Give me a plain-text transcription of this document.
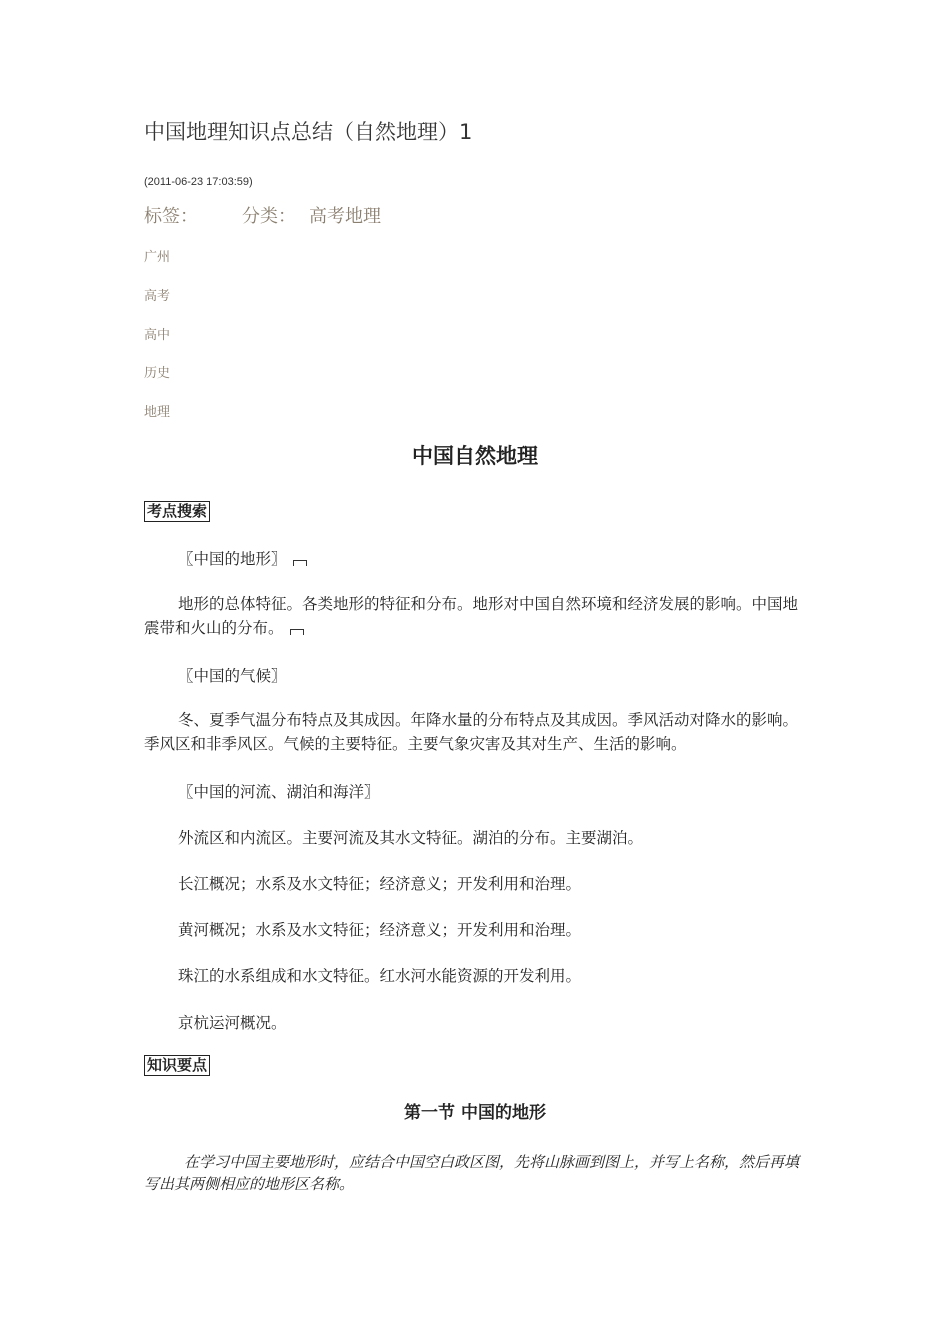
中国地理知识点总结（自然地理）1
(2011-06-23 17:03:59)
标签： 分类： 高考地理
广州
高考
高中
历史
地理
中国自然地理
考点搜索
〖中国的地形〗
地形的总体特征。各类地形的特征和分布。地形对中国自然环境和经济发展的影响。中国地震带和火山的分布。
〖中国的气候〗
冬、夏季气温分布特点及其成因。年降水量的分布特点及其成因。季风活动对降水的影响。季风区和非季风区。气候的主要特征。主要气象灾害及其对生产、生活的影响。
〖中国的河流、湖泊和海洋〗
外流区和内流区。主要河流及其水文特征。湖泊的分布。主要湖泊。
长江概况；水系及水文特征；经济意义；开发利用和治理。
黄河概况；水系及水文特征；经济意义；开发利用和治理。
珠江的水系组成和水文特征。红水河水能资源的开发利用。
京杭运河概况。
知识要点
第一节 中国的地形
在学习中国主要地形时，应结合中国空白政区图，先将山脉画到图上，并写上名称，然后再填写出其两侧相应的地形区名称。
